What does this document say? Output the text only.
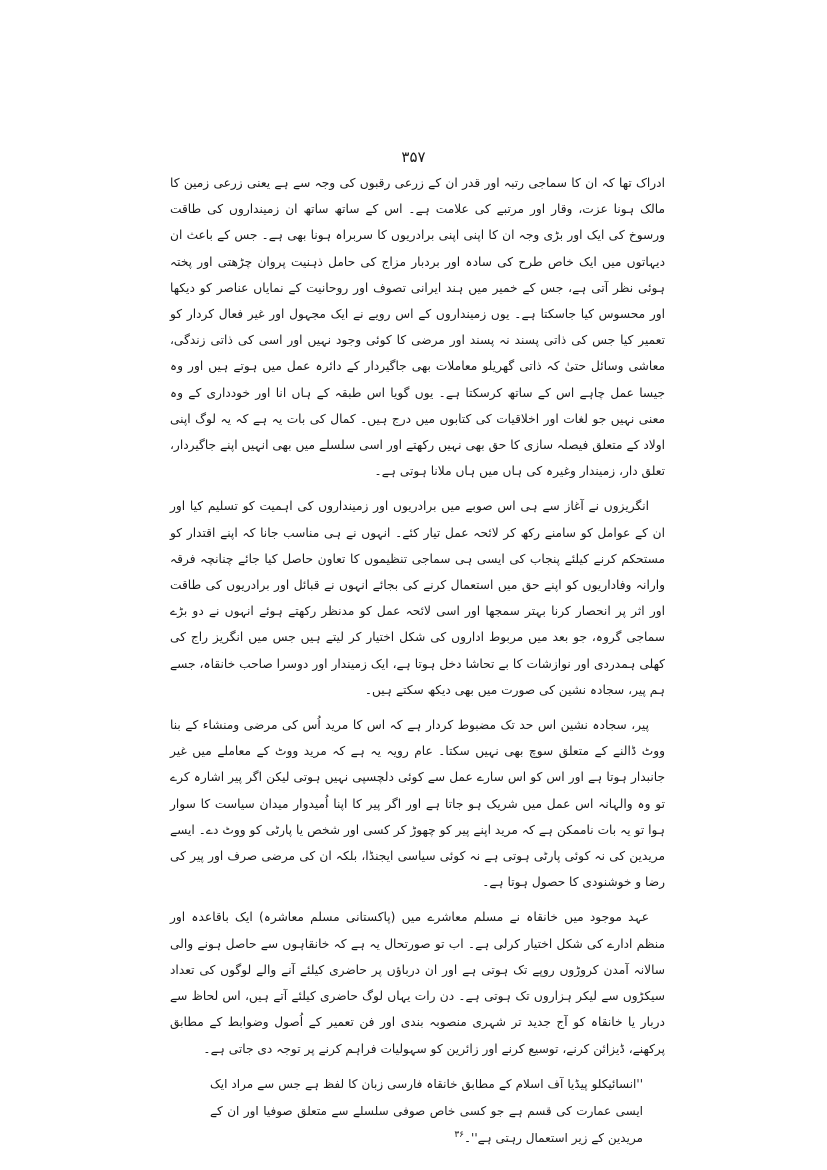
۳۵۷

ادراک تھا کہ ان کا سماجی رتبہ اور قدر ان کے زرعی رقبوں کی وجہ سے ہے یعنی زرعی زمین کا مالک ہونا عزت، وقار اور مرتبے کی علامت ہے۔ اس کے ساتھ ساتھ ان زمینداروں کی طاقت ورسوخ کی ایک اور بڑی وجہ ان کا اپنی اپنی برادریوں کا سربراہ ہونا بھی ہے۔ جس کے باعث ان دیہاتوں میں ایک خاص طرح کی سادہ اور بردبار مزاج کی حامل ذہنیت پروان چڑھتی اور پختہ ہوئی نظر آتی ہے، جس کے خمیر میں ہند ایرانی تصوف اور روحانیت کے نمایاں عناصر کو دیکھا اور محسوس کیا جاسکتا ہے۔ یوں زمینداروں کے اس رویے نے ایک مجہول اور غیر فعال کردار کو تعمیر کیا جس کی ذاتی پسند نہ پسند اور مرضی کا کوئی وجود نہیں اور اسی کی ذاتی زندگی، معاشی وسائل حتیٰ کہ ذاتی گھریلو معاملات بھی جاگیردار کے دائرہ عمل میں ہوتے ہیں اور وہ جیسا عمل چاہے اس کے ساتھ کرسکتا ہے۔ یوں گویا اس طبقہ کے ہاں انا اور خودداری کے وہ معنی نہیں جو لغات اور اخلاقیات کی کتابوں میں درج ہیں۔ کمال کی بات یہ ہے کہ یہ لوگ اپنی اولاد کے متعلق فیصلہ سازی کا حق بھی نہیں رکھتے اور اسی سلسلے میں بھی انہیں اپنے جاگیردار، تعلق دار، زمیندار وغیرہ کی ہاں میں ہاں ملانا ہوتی ہے۔

انگریزوں نے آغاز سے ہی اس صوبے میں برادریوں اور زمینداروں کی اہمیت کو تسلیم کیا اور ان کے عوامل کو سامنے رکھ کر لائحہ عمل تیار کئے۔ انہوں نے ہی مناسب جانا کہ اپنے اقتدار کو مستحکم کرنے کیلئے پنجاب کی ایسی ہی سماجی تنظیموں کا تعاون حاصل کیا جائے چنانچہ فرقہ وارانہ وفاداریوں کو اپنے حق میں استعمال کرنے کی بجائے انہوں نے قبائل اور برادریوں کی طاقت اور اثر پر انحصار کرنا بہتر سمجھا اور اسی لائحہ عمل کو مدنظر رکھتے ہوئے انہوں نے دو بڑے سماجی گروہ، جو بعد میں مربوط اداروں کی شکل اختیار کر لیتے ہیں جس میں انگریز راج کی کھلی ہمدردی اور نوازشات کا بے تحاشا دخل ہوتا ہے، ایک زمیندار اور دوسرا صاحب خانقاہ، جسے ہم پیر، سجادہ نشین کی صورت میں بھی دیکھ سکتے ہیں۔

پیر، سجادہ نشین اس حد تک مضبوط کردار ہے کہ اس کا مرید اُس کی مرضی ومنشاء کے بنا ووٹ ڈالنے کے متعلق سوچ بھی نہیں سکتا۔ عام رویہ یہ ہے کہ مرید ووٹ کے معاملے میں غیر جانبدار ہوتا ہے اور اس کو اس سارے عمل سے کوئی دلچسپی نہیں ہوتی لیکن اگر پیر اشارہ کرے تو وہ والہانہ اس عمل میں شریک ہو جاتا ہے اور اگر پیر کا اپنا اُمیدوار میدان سیاست کا سوار ہوا تو یہ بات ناممکن ہے کہ مرید اپنے پیر کو چھوڑ کر کسی اور شخص یا پارٹی کو ووٹ دے۔ ایسے مریدین کی نہ کوئی پارٹی ہوتی ہے نہ کوئی سیاسی ایجنڈا، بلکہ ان کی مرضی صرف اور پیر کی رضا و خوشنودی کا حصول ہوتا ہے۔

عہد موجود میں خانقاہ نے مسلم معاشرے میں (پاکستانی مسلم معاشرہ) ایک باقاعدہ اور منظم ادارے کی شکل اختیار کرلی ہے۔ اب تو صورتحال یہ ہے کہ خانقاہوں سے حاصل ہونے والی سالانہ آمدن کروڑوں روپے تک ہوتی ہے اور ان درباؤں پر حاضری کیلئے آنے والے لوگوں کی تعداد سیکڑوں سے لیکر ہزاروں تک ہوتی ہے۔ دن رات یہاں لوگ حاضری کیلئے آتے ہیں، اس لحاظ سے دربار یا خانقاہ کو آج جدید تر شہری منصوبہ بندی اور فن تعمیر کے اُصول وضوابط کے مطابق پرکھنے، ڈیزائن کرنے، توسیع کرنے اور زائرین کو سہولیات فراہم کرنے پر توجہ دی جاتی ہے۔

''انسائیکلو پیڈیا آف اسلام کے مطابق خانقاہ فارسی زبان کا لفظ ہے جس سے مراد ایک ایسی عمارت کی قسم ہے جو کسی خاص صوفی سلسلے سے متعلق صوفیا اور ان کے مریدین کے زیر استعمال رہتی ہے''۔$^{۳۶}$
